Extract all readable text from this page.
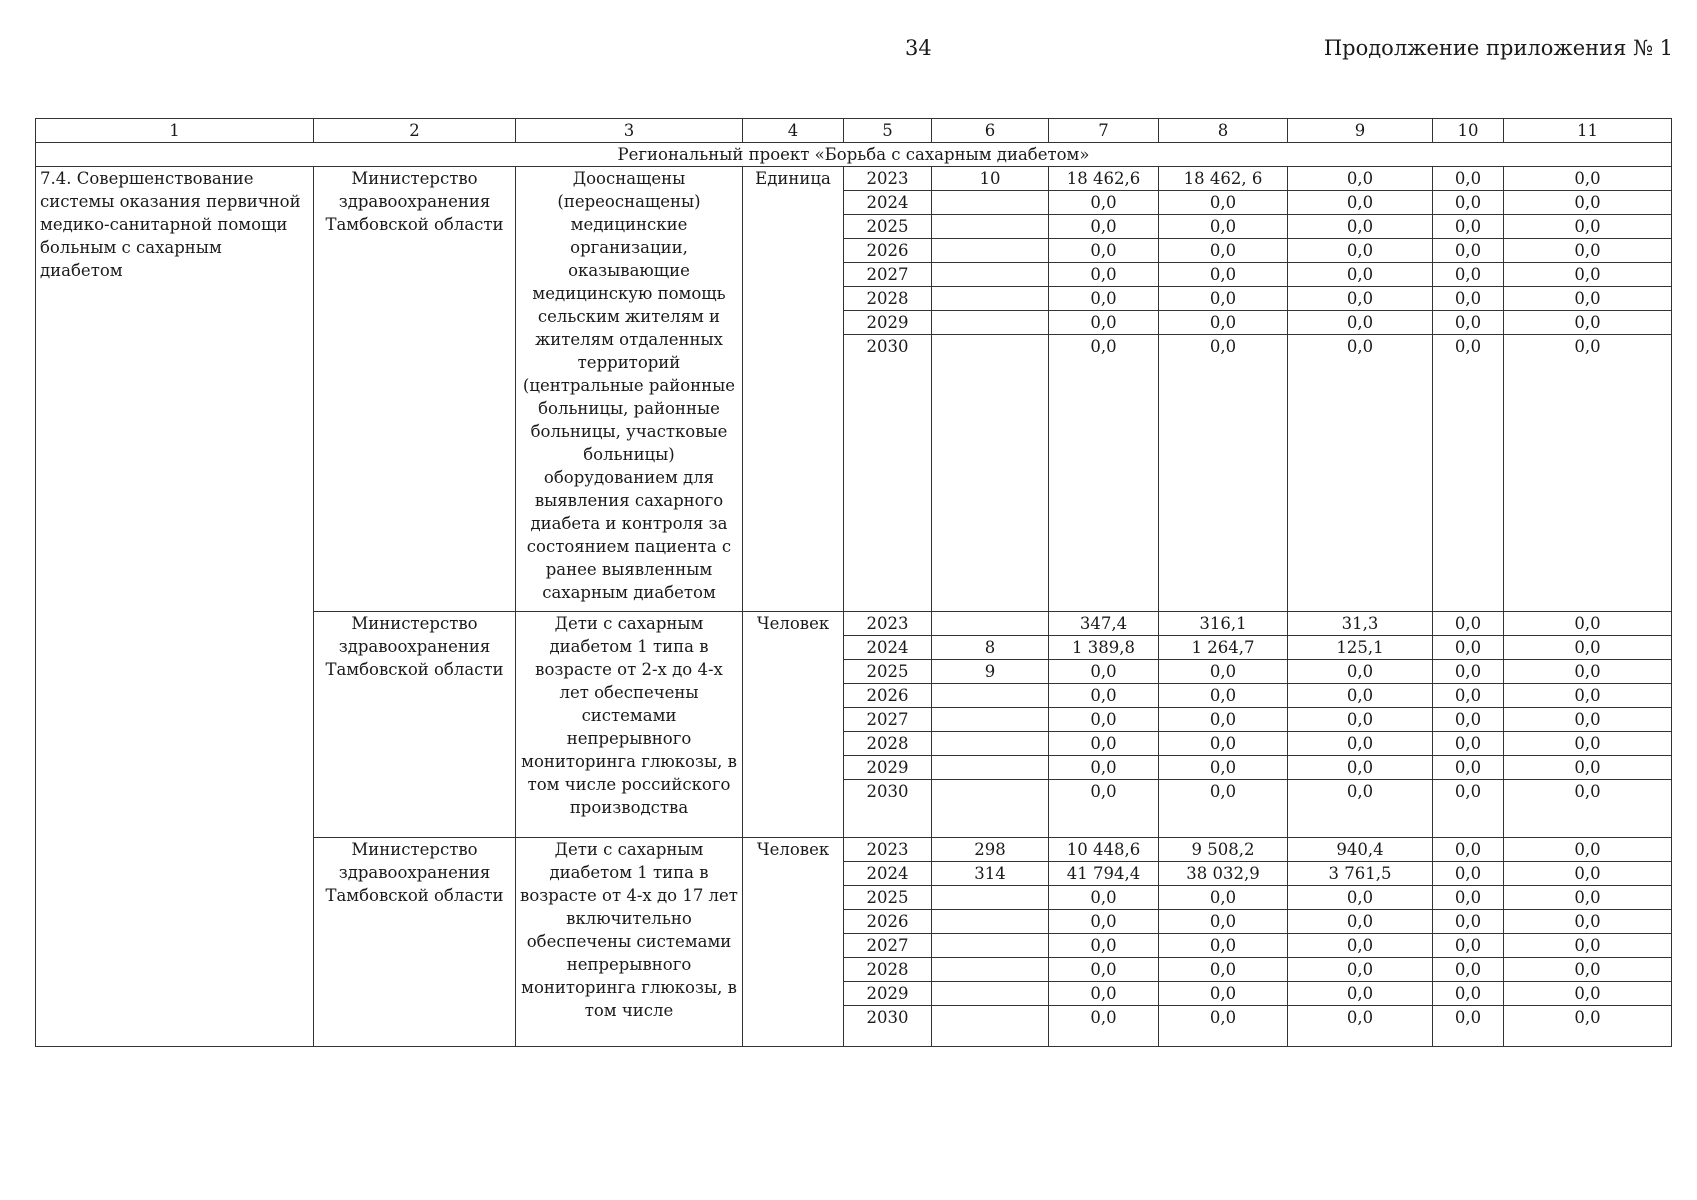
34	Продолжение приложения № 1
1	2	3	4	5	6	7	8	9	10	11
Региональный проект «Борьба с сахарным диабетом»										
7.4. Совершенствование системы оказания первичной медико-санитарной помощи больным с сахарным диабетом	Министерство здравоохранения Тамбовской области	Дооснащены (переоснащены) медицинские организации, оказывающие медицинскую помощь сельским жителям и жителям отдаленных территорий (центральные районные больницы, районные больницы, участковые больницы) оборудованием для выявления сахарного диабета и контроля за состоянием пациента с ранее выявленным сахарным диабетом	Единица	2023	10	18 462,6	18 462, 6	0,0	0,0	0,0
				2024		0,0	0,0	0,0	0,0	0,0
				2025		0,0	0,0	0,0	0,0	0,0
				2026		0,0	0,0	0,0	0,0	0,0
				2027		0,0	0,0	0,0	0,0	0,0
				2028		0,0	0,0	0,0	0,0	0,0
				2029		0,0	0,0	0,0	0,0	0,0
				2030		0,0	0,0	0,0	0,0	0,0
	Министерство здравоохранения Тамбовской области	Дети с сахарным диабетом 1 типа в возрасте от 2-х до 4-х лет обеспечены системами непрерывного мониторинга глюкозы, в том числе российского производства	Человек	2023		347,4	316,1	31,3	0,0	0,0
				2024	8	1 389,8	1 264,7	125,1	0,0	0,0
				2025	9	0,0	0,0	0,0	0,0	0,0
				2026		0,0	0,0	0,0	0,0	0,0
				2027		0,0	0,0	0,0	0,0	0,0
				2028		0,0	0,0	0,0	0,0	0,0
				2029		0,0	0,0	0,0	0,0	0,0
				2030		0,0	0,0	0,0	0,0	0,0
	Министерство здравоохранения Тамбовской области	Дети с сахарным диабетом 1 типа в возрасте от 4-х до 17 лет включительно обеспечены системами непрерывного мониторинга глюкозы, в том числе	Человек	2023	298	10 448,6	9 508,2	940,4	0,0	0,0
				2024	314	41 794,4	38 032,9	3 761,5	0,0	0,0
				2025		0,0	0,0	0,0	0,0	0,0
				2026		0,0	0,0	0,0	0,0	0,0
				2027		0,0	0,0	0,0	0,0	0,0
				2028		0,0	0,0	0,0	0,0	0,0
				2029		0,0	0,0	0,0	0,0	0,0
				2030		0,0	0,0	0,0	0,0	0,0
